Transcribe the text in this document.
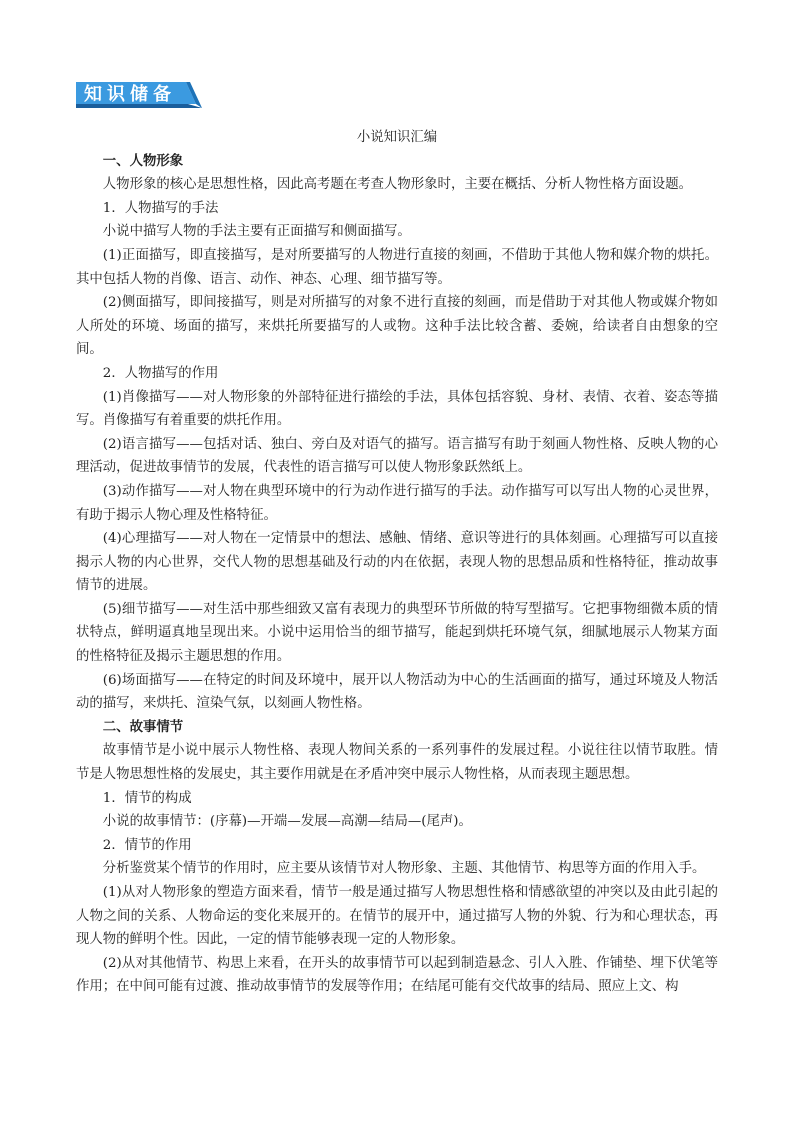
知识储备
小说知识汇编

一、人物形象

人物形象的核心是思想性格，因此高考题在考查人物形象时，主要在概括、分析人物性格方面设题。

1．人物描写的手法

小说中描写人物的手法主要有正面描写和侧面描写。

(1)正面描写，即直接描写，是对所要描写的人物进行直接的刻画，不借助于其他人物和媒介物的烘托。其中包括人物的肖像、语言、动作、神态、心理、细节描写等。

(2)侧面描写，即间接描写，则是对所描写的对象不进行直接的刻画，而是借助于对其他人物或媒介物如人所处的环境、场面的描写，来烘托所要描写的人或物。这种手法比较含蓄、委婉，给读者自由想象的空间。

2．人物描写的作用

(1)肖像描写——对人物形象的外部特征进行描绘的手法，具体包括容貌、身材、表情、衣着、姿态等描写。肖像描写有着重要的烘托作用。

(2)语言描写——包括对话、独白、旁白及对语气的描写。语言描写有助于刻画人物性格、反映人物的心理活动，促进故事情节的发展，代表性的语言描写可以使人物形象跃然纸上。

(3)动作描写——对人物在典型环境中的行为动作进行描写的手法。动作描写可以写出人物的心灵世界，有助于揭示人物心理及性格特征。

(4)心理描写——对人物在一定情景中的想法、感触、情绪、意识等进行的具体刻画。心理描写可以直接揭示人物的内心世界，交代人物的思想基础及行动的内在依据，表现人物的思想品质和性格特征，推动故事情节的进展。

(5)细节描写——对生活中那些细致又富有表现力的典型环节所做的特写型描写。它把事物细微本质的情状特点，鲜明逼真地呈现出来。小说中运用恰当的细节描写，能起到烘托环境气氛，细腻地展示人物某方面的性格特征及揭示主题思想的作用。

(6)场面描写——在特定的时间及环境中，展开以人物活动为中心的生活画面的描写，通过环境及人物活动的描写，来烘托、渲染气氛，以刻画人物性格。

二、故事情节

故事情节是小说中展示人物性格、表现人物间关系的一系列事件的发展过程。小说往往以情节取胜。情节是人物思想性格的发展史，其主要作用就是在矛盾冲突中展示人物性格，从而表现主题思想。

1．情节的构成

小说的故事情节：(序幕)—开端—发展—高潮—结局—(尾声)。

2．情节的作用

分析鉴赏某个情节的作用时，应主要从该情节对人物形象、主题、其他情节、构思等方面的作用入手。

(1)从对人物形象的塑造方面来看，情节一般是通过描写人物思想性格和情感欲望的冲突以及由此引起的人物之间的关系、人物命运的变化来展开的。在情节的展开中，通过描写人物的外貌、行为和心理状态，再现人物的鲜明个性。因此，一定的情节能够表现一定的人物形象。

(2)从对其他情节、构思上来看，在开头的故事情节可以起到制造悬念、引人入胜、作铺垫、埋下伏笔等作用；在中间可能有过渡、推动故事情节的发展等作用；在结尾可能有交代故事的结局、照应上文、构
